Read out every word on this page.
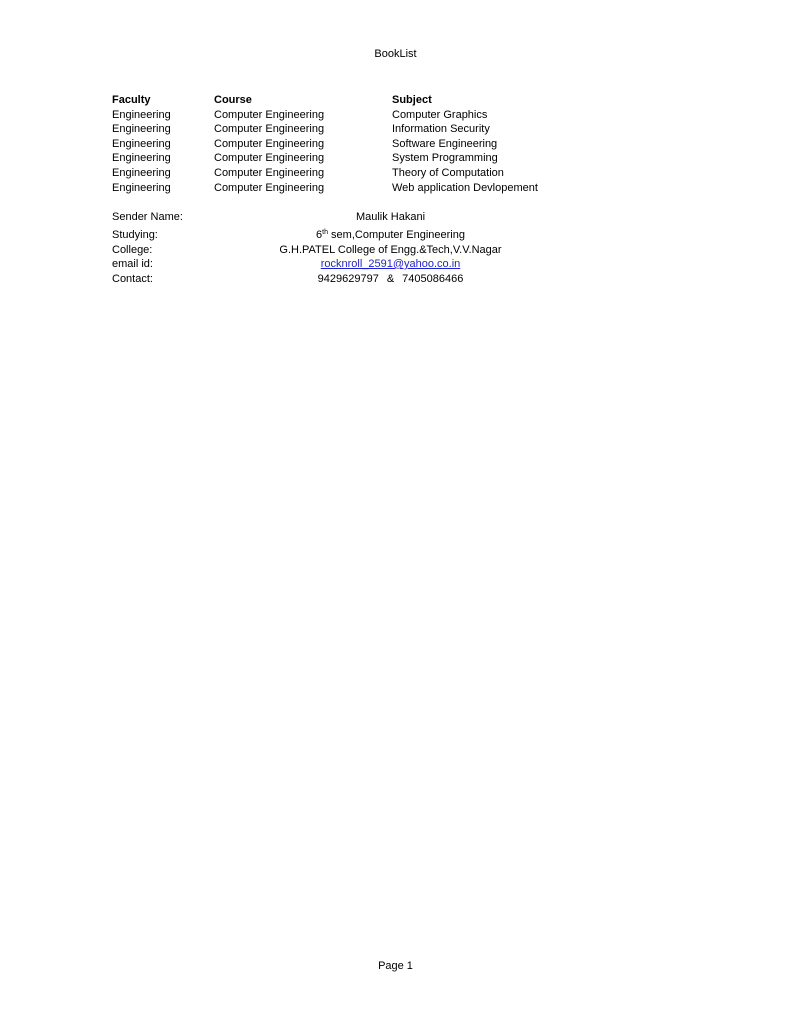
BookList
Faculty	Course	Subject
Engineering	Computer Engineering	Computer Graphics
Engineering	Computer Engineering	Information Security
Engineering	Computer Engineering	Software Engineering
Engineering	Computer Engineering	System Programming
Engineering	Computer Engineering	Theory of Computation
Engineering	Computer Engineering	Web application Devlopement
Sender Name:	Maulik Hakani
Studying:	6th sem,Computer Engineering
College:	G.H.PATEL College of Engg.&Tech,V.V.Nagar
email id:	rocknroll_2591@yahoo.co.in
Contact:	9429629797 & 7405086466
Page 1
